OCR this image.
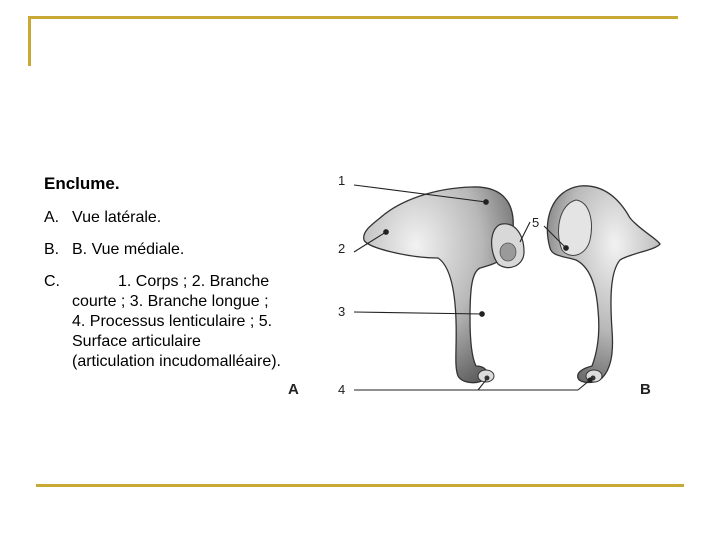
Enclume.
A. Vue latérale.
B. B. Vue médiale.
C.	1. Corps ; 2. Branche courte ; 3. Branche longue ; 4. Processus lenticulaire ; 5. Surface articulaire (articulation incudomalléaire).
1
2
3
4
5
A	B
